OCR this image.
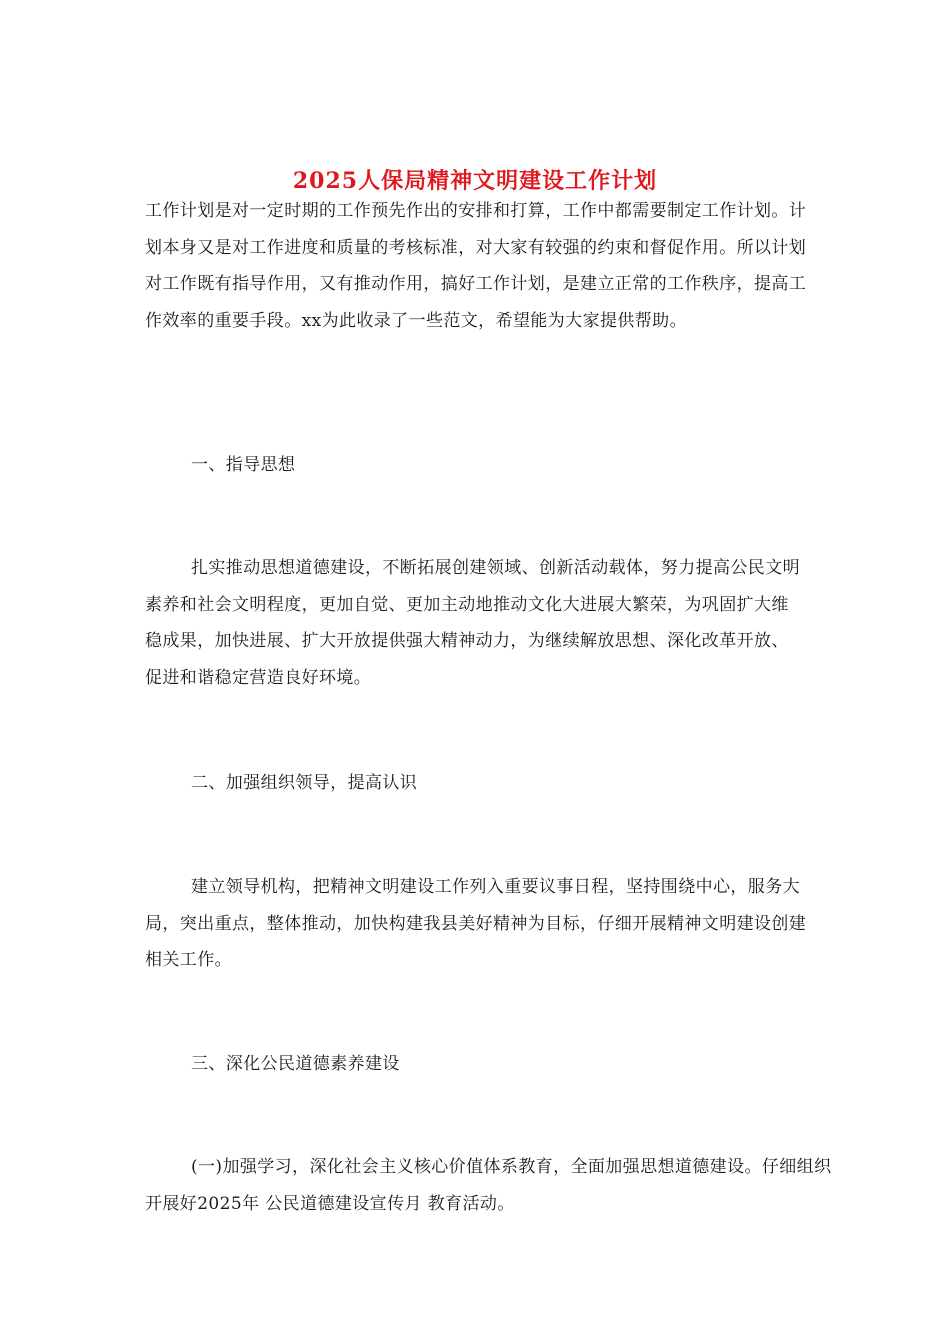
2025人保局精神文明建设工作计划

工作计划是对一定时期的工作预先作出的安排和打算，工作中都需要制定工作计划。计划本身又是对工作进度和质量的考核标准，对大家有较强的约束和督促作用。所以计划对工作既有指导作用，又有推动作用，搞好工作计划，是建立正常的工作秩序，提高工作效率的重要手段。xx为此收录了一些范文，希望能为大家提供帮助。

一、指导思想

扎实推动思想道德建设，不断拓展创建领域、创新活动载体，努力提高公民文明素养和社会文明程度，更加自觉、更加主动地推动文化大进展大繁荣，为巩固扩大维稳成果，加快进展、扩大开放提供强大精神动力，为继续解放思想、深化改革开放、促进和谐稳定营造良好环境。

二、加强组织领导，提高认识

建立领导机构，把精神文明建设工作列入重要议事日程，坚持围绕中心，服务大局，突出重点，整体推动，加快构建我县美好精神为目标，仔细开展精神文明建设创建相关工作。

三、深化公民道德素养建设

(一)加强学习，深化社会主义核心价值体系教育，全面加强思想道德建设。仔细组织开展好2025年 公民道德建设宣传月 教育活动。
